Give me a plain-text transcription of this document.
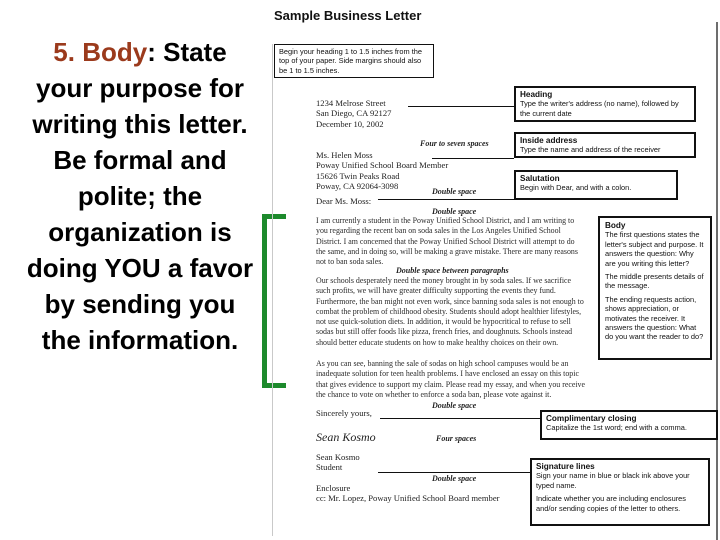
5. Body: State your purpose for writing this letter. Be formal and polite; the organization is doing YOU a favor by sending you the information.
Sample Business Letter
Begin your heading 1 to 1.5 inches from the top of your paper. Side margins should also be 1 to 1.5 inches.
1234 Melrose Street
San Diego, CA 92127
December 10, 2002
Four to seven spaces
Ms. Helen Moss
Poway Unified School Board Member
15626 Twin Peaks Road
Poway, CA 92064-3098
Double space
Dear Ms. Moss:
Double space
I am currently a student in the Poway Unified School District, and I am writing to you regarding the recent ban on soda sales in the Los Angeles Unified School District. I am concerned that the Poway Unified School District will attempt to do the same, and in doing so, will be making a grave mistake. There are many reasons not to ban soda sales.
Double space between paragraphs
Our schools desperately need the money brought in by soda sales. If we sacrifice such profits, we will have greater difficulty supporting the events they fund. Furthermore, the ban might not even work, since banning soda sales is not enough to combat the problem of childhood obesity. Students should adopt healthier lifestyles, not use quick-solution diets. In addition, it would be hypocritical to refuse to sell sodas but still offer foods like pizza, french fries, and doughnuts. Schools instead should better educate students on how to make healthy choices on their own.
As you can see, banning the sale of sodas on high school campuses would be an inadequate solution for teen health problems. I have enclosed an essay on this topic that gives evidence to support my claim. Please read my essay, and when you receive the chance to vote on whether to enforce a soda ban, please vote against it.
Double space
Sincerely yours,
Sean Kosmo	Four spaces
Sean Kosmo
Student
Double space
Enclosure
cc: Mr. Lopez, Poway Unified School Board member
Heading
Type the writer's address (no name), followed by the current date
Inside address
Type the name and address of the receiver
Salutation
Begin with Dear, and with a colon.
Body

The first questions states the letter's subject and purpose. It answers the question: Why are you writing this letter?

The middle presents details of the message.

The ending requests action, shows appreciation, or motivates the receiver. It answers the question: What do you want the reader to do?

Complimentary closing
Capitalize the 1st word; end with a comma.
Signature lines

Sign your name in blue or black ink above your typed name.

Indicate whether you are including enclosures and/or sending copies of the letter to others.
